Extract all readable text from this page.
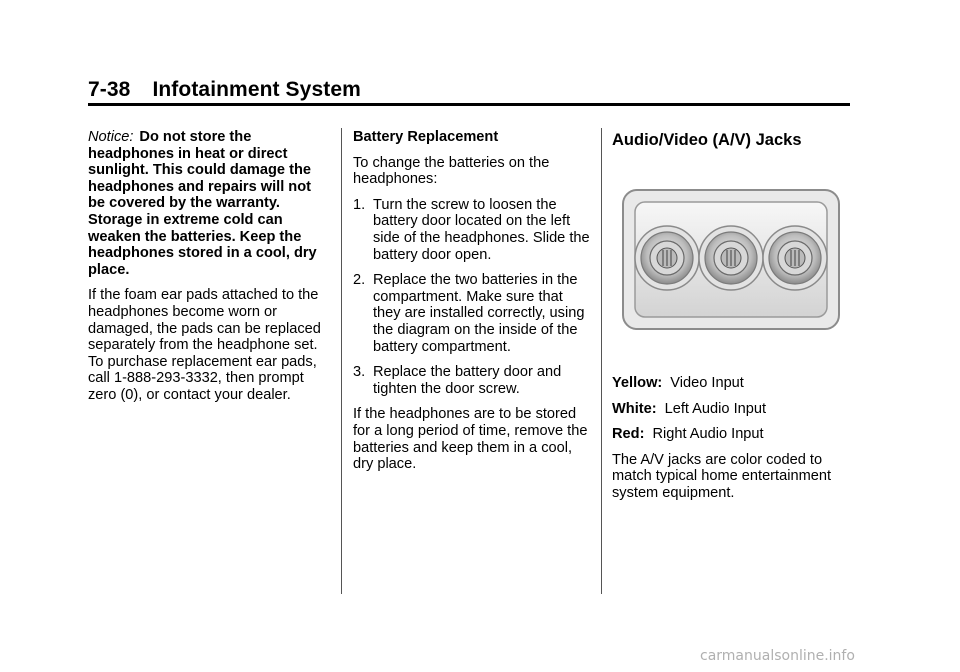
7-38 Infotainment System

Notice: Do not store the headphones in heat or direct sunlight. This could damage the headphones and repairs will not be covered by the warranty. Storage in extreme cold can weaken the batteries. Keep the headphones stored in a cool, dry place.

If the foam ear pads attached to the headphones become worn or damaged, the pads can be replaced separately from the headphone set. To purchase replacement ear pads, call 1-888-293-3332, then prompt zero (0), or contact your dealer.

Battery Replacement

To change the batteries on the headphones:

1. Turn the screw to loosen the battery door located on the left side of the headphones. Slide the battery door open.
2. Replace the two batteries in the compartment. Make sure that they are installed correctly, using the diagram on the inside of the battery compartment.
3. Replace the battery door and tighten the door screw.

If the headphones are to be stored for a long period of time, remove the batteries and keep them in a cool, dry place.

Audio/Video (A/V) Jacks

Yellow: Video Input

White: Left Audio Input

Red: Right Audio Input

The A/V jacks are color coded to match typical home entertainment system equipment.

carmanualsonline.info
